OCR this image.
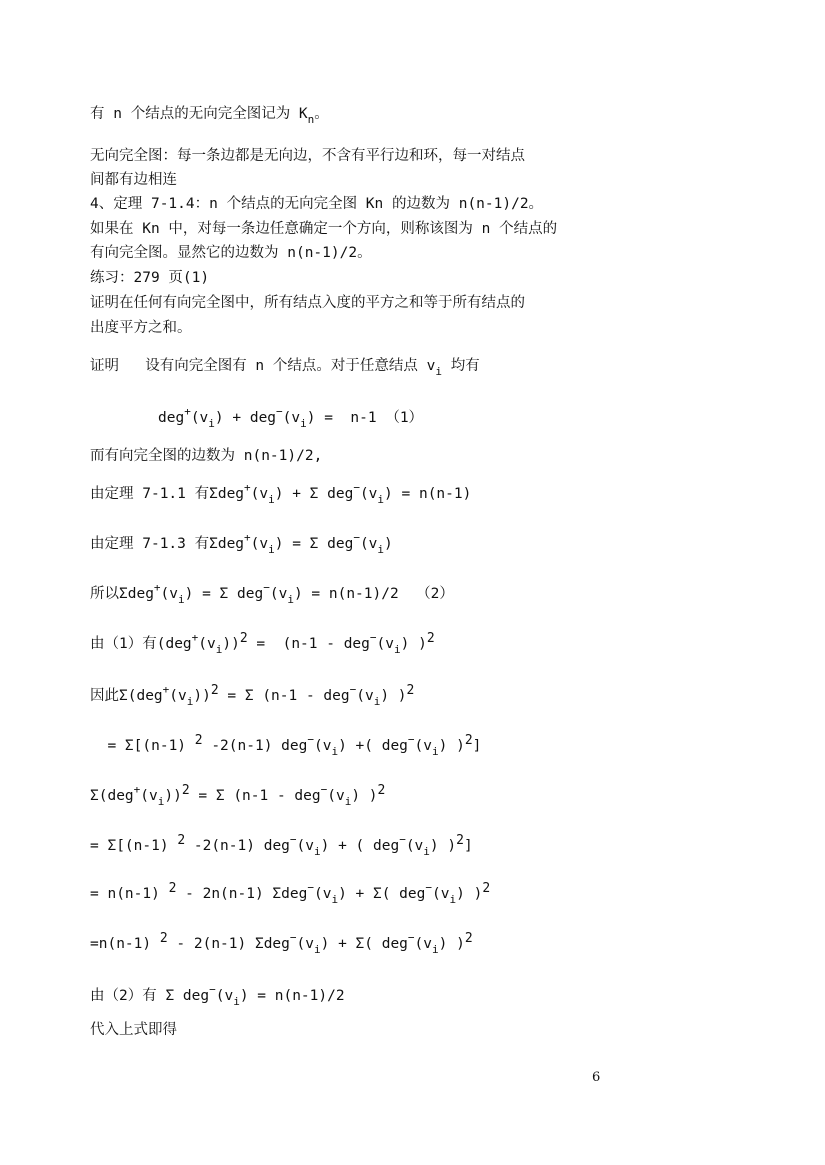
有 n 个结点的无向完全图记为 $K_n$。
无向完全图：每一条边都是无向边，不含有平行边和环，每一对结点
间都有边相连
4、定理 7-1.4：n 个结点的无向完全图 Kn 的边数为 n(n-1)/2。
如果在 Kn 中，对每一条边任意确定一个方向，则称该图为 n 个结点的
有向完全图。显然它的边数为 n(n-1)/2。
练习：279 页(1)
证明在任何有向完全图中，所有结点入度的平方之和等于所有结点的
出度平方之和。
证明   设有向完全图有 n 个结点。对于任意结点 $v_i$ 均有
$deg^+(v_i) + deg^-(v_i) = n-1$ （1）
而有向完全图的边数为 n(n-1)/2,
由定理 7-1.1 有$\Sigma deg^+(v_i) + \Sigma$ $deg^-(v_i) = n(n-1)$
由定理 7-1.3 有$\Sigma deg^+(v_i) = \Sigma$ $deg^-(v_i)$
所以$\Sigma deg^+(v_i) = \Sigma$ $deg^-(v_i) = n(n-1)/2$  （2）
由（1）有$(deg^+(v_i))2 = (n-1 - deg^-(v_i)$ )2
因此$\Sigma(deg^+(v_i))2 = \Sigma$ ($n-1 - deg^-(v_i)$ )2
= Σ[(n-1) 2 -2(n-1) $deg^-(v_i)$ +( $deg^-(v_i)$ )2]
$\Sigma(deg^+(v_i))2 = \Sigma$ ($n-1 - deg^-(v_i)$ )2
= Σ[(n-1) 2 -2(n-1) $deg^-(v_i)$ + ( $deg^-(v_i)$ )2]
= n(n-1) 2 - 2n(n-1) $\Sigma deg^-(v_i) + \Sigma$( $deg^-(v_i)$ )2
=n(n-1) 2 - 2(n-1) $\Sigma deg^-(v_i) + \Sigma$( $deg^-(v_i)$ )2
由（2）有 Σ $deg^-(v_i) = n(n-1)/2$
代入上式即得
6
